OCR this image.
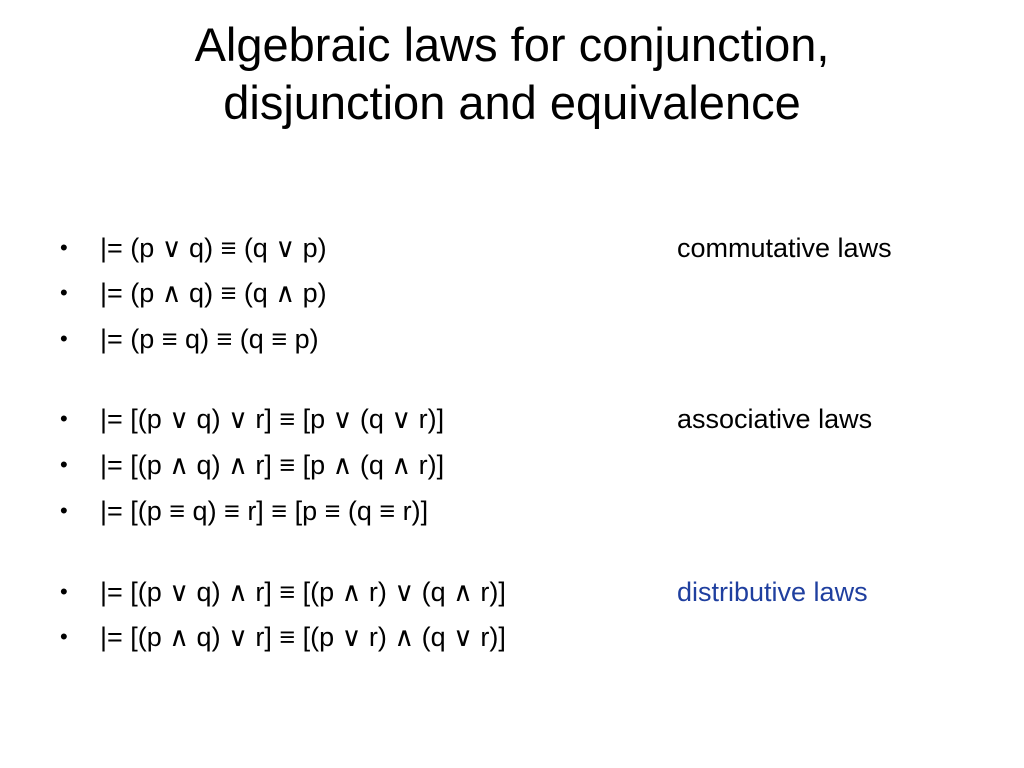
Algebraic laws for conjunction,
disjunction and equivalence
• |= (p ∨ q) ≡ (q ∨ p)	commutative laws
• |= (p ∧ q) ≡ (q ∧ p)
• |= (p ≡ q) ≡ (q ≡ p)
• |= [(p ∨ q) ∨ r] ≡ [p ∨ (q ∨ r)]	associative laws
• |= [(p ∧ q) ∧ r] ≡ [p ∧ (q ∧ r)]
• |= [(p ≡ q) ≡ r] ≡ [p ≡ (q ≡ r)]
• |= [(p ∨ q) ∧ r] ≡ [(p ∧ r) ∨ (q ∧ r)]	distributive laws
• |= [(p ∧ q) ∨ r] ≡ [(p ∨ r) ∧ (q ∨ r)]
